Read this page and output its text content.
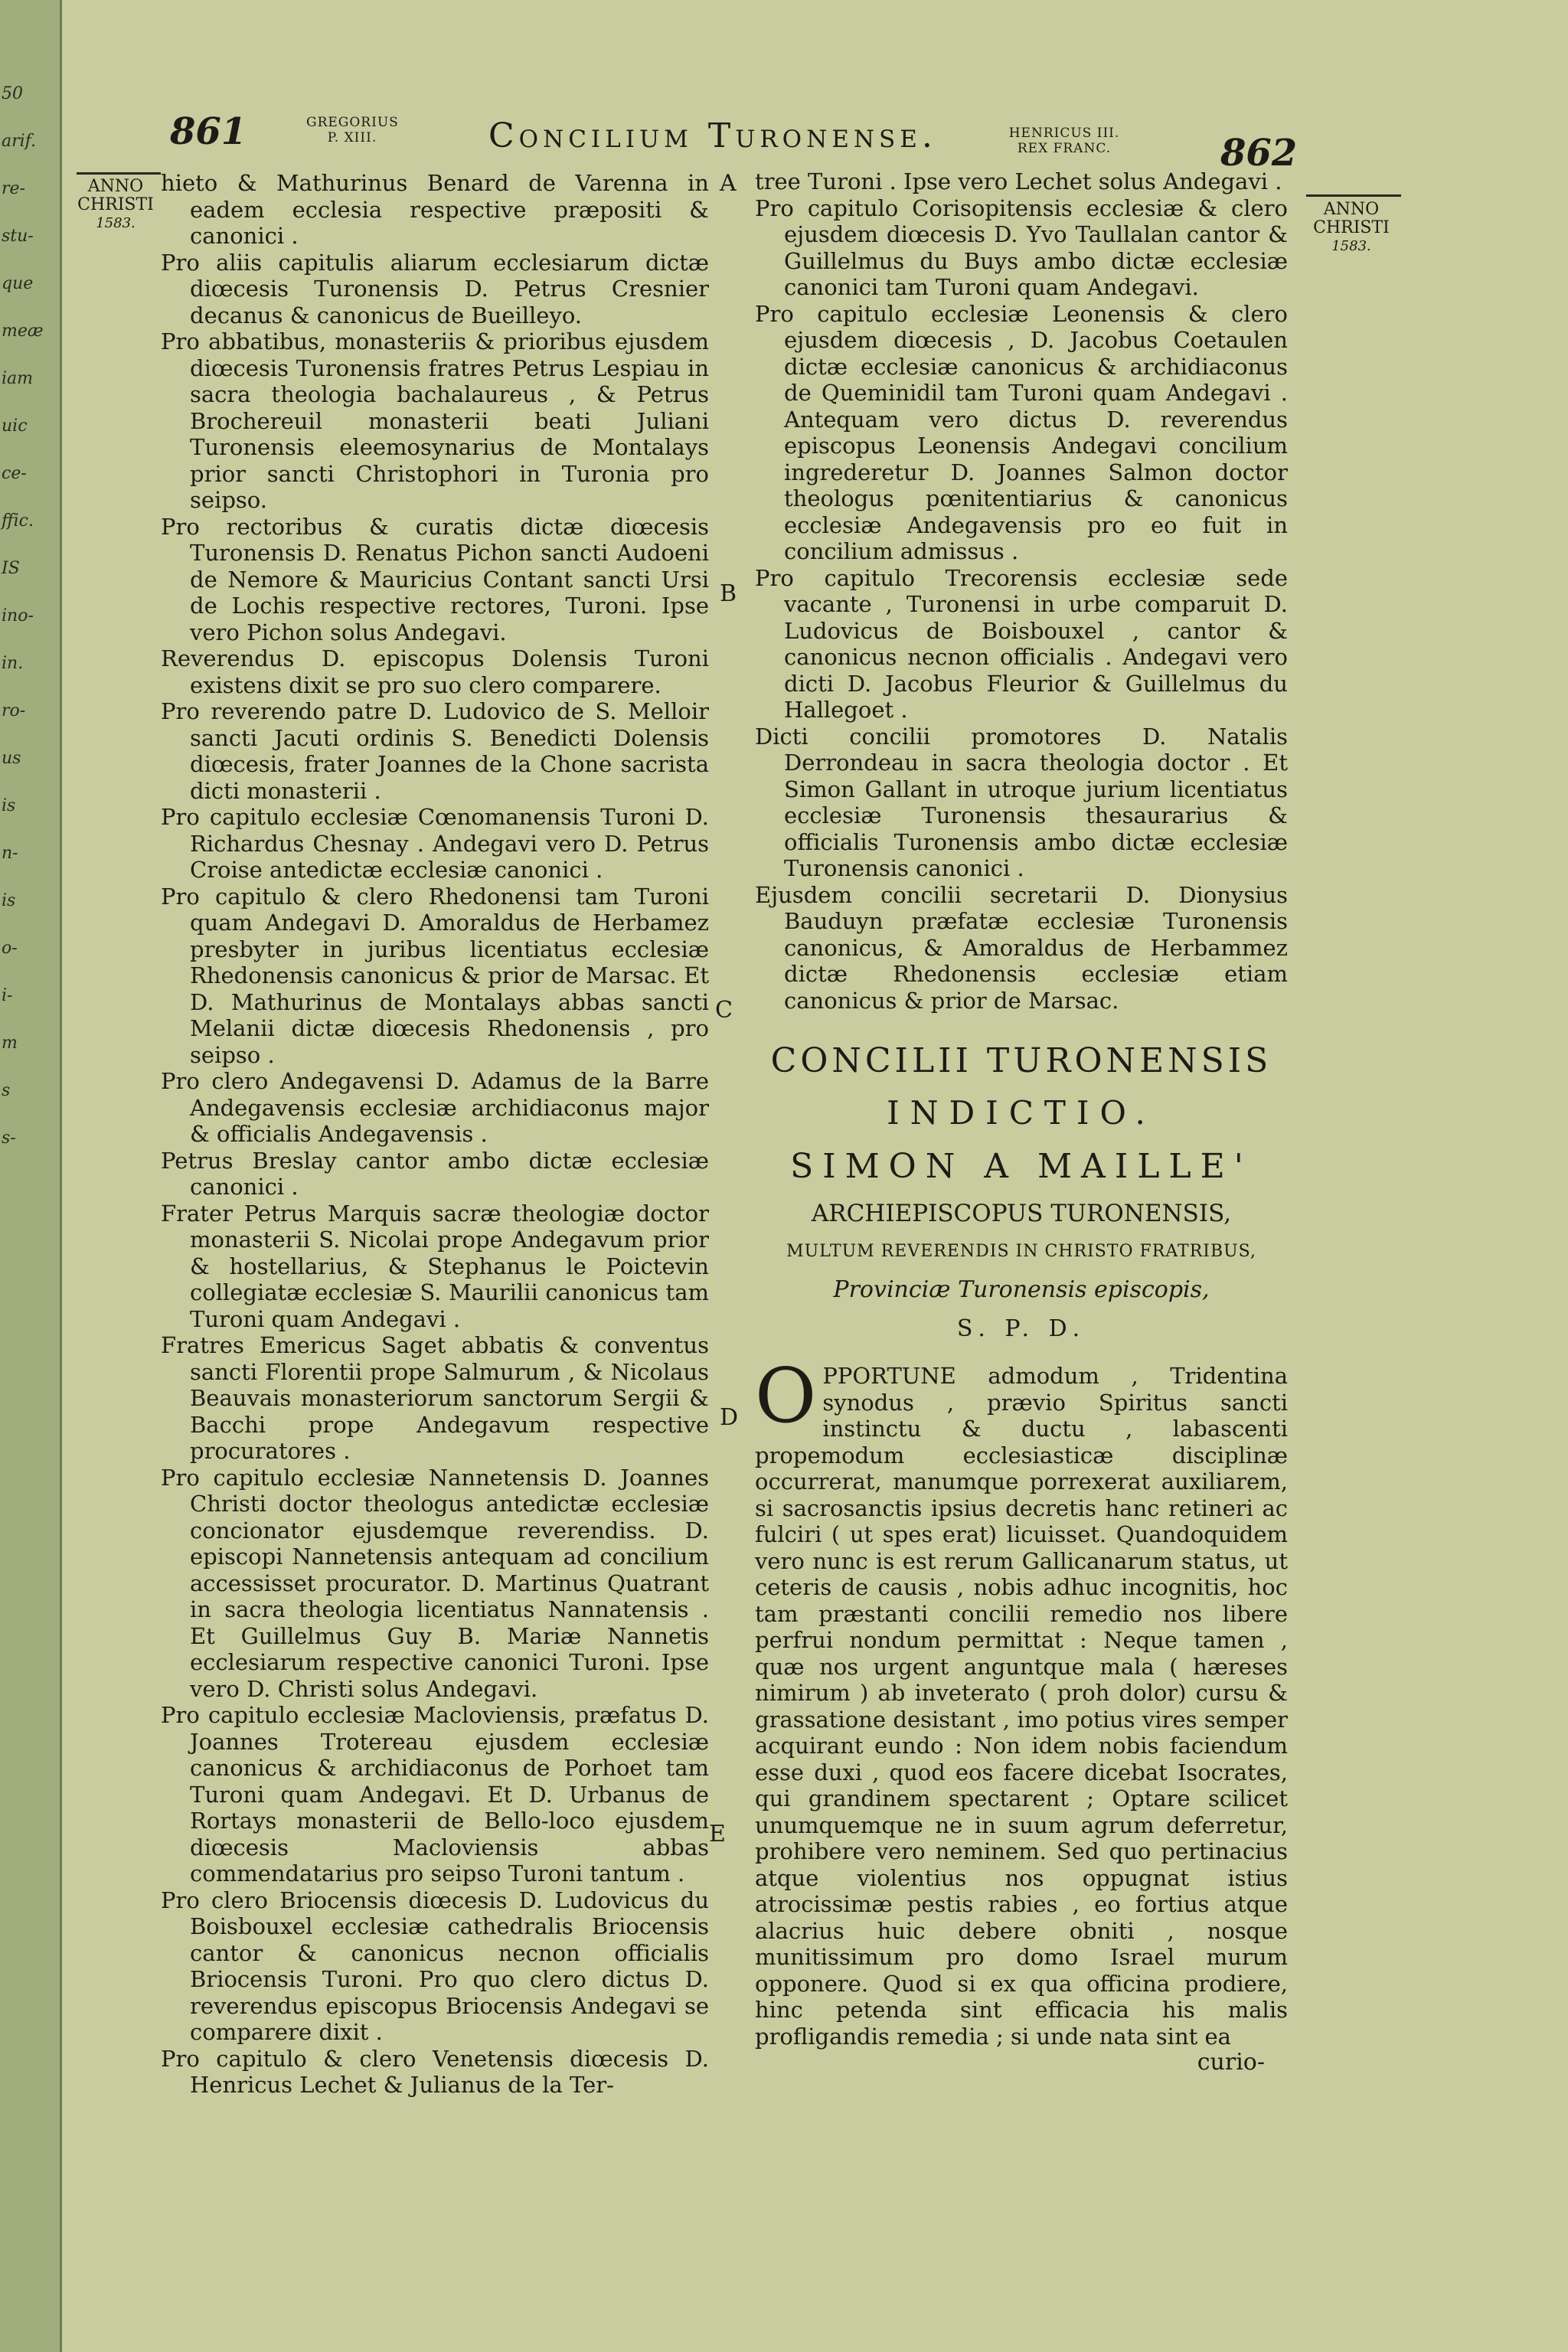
50
arif.
re-
stu-
que
meæ
iam
uic
ce-
ffic.
IS
ino-
in.
ro-
us
is
n-
is
o-
i-
m
s
s-
861	GREGORIUS
P. XIII.	Concilium Turonense.	HENRICUS III.
REX FRANC.	862
ANNO
CHRISTI
1583.
ANNO
CHRISTI
1583.
A
B
C
D
E

hieto & Mathurinus Benard de Varenna in eadem ecclesia respective præpositi & canonici .

Pro aliis capitulis aliarum ecclesiarum dictæ diœcesis Turonensis D. Petrus Cresnier decanus & canonicus de Bueilleyo.

Pro abbatibus, monasteriis & prioribus ejusdem diœcesis Turonensis fratres Petrus Lespiau in sacra theologia bachalaureus , & Petrus Brochereuil monasterii beati Juliani Turonensis eleemosynarius de Montalays prior sancti Christophori in Turonia pro seipso.

Pro rectoribus & curatis dictæ diœcesis Turonensis D. Renatus Pichon sancti Audoeni de Nemore & Mauricius Contant sancti Ursi de Lochis respective rectores, Turoni. Ipse vero Pichon solus Andegavi.

Reverendus D. episcopus Dolensis Turoni existens dixit se pro suo clero comparere.

Pro reverendo patre D. Ludovico de S. Melloir sancti Jacuti ordinis S. Benedicti Dolensis diœcesis, frater Joannes de la Chone sacrista dicti monasterii .

Pro capitulo ecclesiæ Cœnomanensis Turoni D. Richardus Chesnay . Andegavi vero D. Petrus Croise antedictæ ecclesiæ canonici .

Pro capitulo & clero Rhedonensi tam Turoni quam Andegavi D. Amoraldus de Herbamez presbyter in juribus licentiatus ecclesiæ Rhedonensis canonicus & prior de Marsac. Et D. Mathurinus de Montalays abbas sancti Melanii dictæ diœcesis Rhedonensis , pro seipso .

Pro clero Andegavensi D. Adamus de la Barre Andegavensis ecclesiæ archidiaconus major & officialis Andegavensis .

Petrus Breslay cantor ambo dictæ ecclesiæ canonici .

Frater Petrus Marquis sacræ theologiæ doctor monasterii S. Nicolai prope Andegavum prior & hostellarius, & Stephanus le Poictevin collegiatæ ecclesiæ S. Maurilii canonicus tam Turoni quam Andegavi .

Fratres Emericus Saget abbatis & conventus sancti Florentii prope Salmurum , & Nicolaus Beauvais monasteriorum sanctorum Sergii & Bacchi prope Andegavum respective procuratores .

Pro capitulo ecclesiæ Nannetensis D. Joannes Christi doctor theologus antedictæ ecclesiæ concionator ejusdemque reverendiss. D. episcopi Nannetensis antequam ad concilium accessisset procurator. D. Martinus Quatrant in sacra theologia licentiatus Nannatensis . Et Guillelmus Guy B. Mariæ Nannetis ecclesiarum respective canonici Turoni. Ipse vero D. Christi solus Andegavi.

Pro capitulo ecclesiæ Macloviensis, præfatus D. Joannes Trotereau ejusdem ecclesiæ canonicus & archidiaconus de Porhoet tam Turoni quam Andegavi. Et D. Urbanus de Rortays monasterii de Bello-loco ejusdem diœcesis Macloviensis abbas commendatarius pro seipso Turoni tantum .

Pro clero Briocensis diœcesis D. Ludovicus du Boisbouxel ecclesiæ cathedralis Briocensis cantor & canonicus necnon officialis Briocensis Turoni. Pro quo clero dictus D. reverendus episcopus Briocensis Andegavi se comparere dixit .

Pro capitulo & clero Venetensis diœcesis D. Henricus Lechet & Julianus de la Ter-

tree Turoni . Ipse vero Lechet solus Andegavi .

Pro capitulo Corisopitensis ecclesiæ & clero ejusdem diœcesis D. Yvo Taullalan cantor & Guillelmus du Buys ambo dictæ ecclesiæ canonici tam Turoni quam Andegavi.

Pro capitulo ecclesiæ Leonensis & clero ejusdem diœcesis , D. Jacobus Coetaulen dictæ ecclesiæ canonicus & archidiaconus de Queminidil tam Turoni quam Andegavi . Antequam vero dictus D. reverendus episcopus Leonensis Andegavi concilium ingrederetur D. Joannes Salmon doctor theologus pœnitentiarius & canonicus ecclesiæ Andegavensis pro eo fuit in concilium admissus .

Pro capitulo Trecorensis ecclesiæ sede vacante , Turonensi in urbe comparuit D. Ludovicus de Boisbouxel , cantor & canonicus necnon officialis . Andegavi vero dicti D. Jacobus Fleurior & Guillelmus du Hallegoet .

Dicti concilii promotores D. Natalis Derrondeau in sacra theologia doctor . Et Simon Gallant in utroque jurium licentiatus ecclesiæ Turonensis thesaurarius & officialis Turonensis ambo dictæ ecclesiæ Turonensis canonici .

Ejusdem concilii secretarii D. Dionysius Bauduyn præfatæ ecclesiæ Turonensis canonicus, & Amoraldus de Herbammez dictæ Rhedonensis ecclesiæ etiam canonicus & prior de Marsac.

CONCILII TURONENSIS
INDICTIO.
SIMON A MAILLE'
ARCHIEPISCOPUS TURONENSIS,
MULTUM REVERENDIS IN CHRISTO FRATRIBUS,
Provinciæ Turonensis episcopis,
S. P. D.

OPPORTUNE admodum , Tridentina synodus , prævio Spiritus sancti instinctu & ductu , labascenti propemodum ecclesiasticæ disciplinæ occurrerat, manumque porrexerat auxiliarem, si sacrosanctis ipsius decretis hanc retineri ac fulciri ( ut spes erat) licuisset. Quandoquidem vero nunc is est rerum Gallicanarum status, ut ceteris de causis , nobis adhuc incognitis, hoc tam præstanti concilii remedio nos libere perfrui nondum permittat : Neque tamen , quæ nos urgent anguntque mala ( hæreses nimirum ) ab inveterato ( proh dolor) cursu & grassatione desistant , imo potius vires semper acquirant eundo : Non idem nobis faciendum esse duxi , quod eos facere dicebat Isocrates, qui grandinem spectarent ; Optare scilicet unumquemque ne in suum agrum deferretur, prohibere vero neminem. Sed quo pertinacius atque violentius nos oppugnat istius atrocissimæ pestis rabies , eo fortius atque alacrius huic debere obniti , nosque munitissimum pro domo Israel murum opponere. Quod si ex qua officina prodiere, hinc petenda sint efficacia his malis profligandis remedia ; si unde nata sint ea

curio-
